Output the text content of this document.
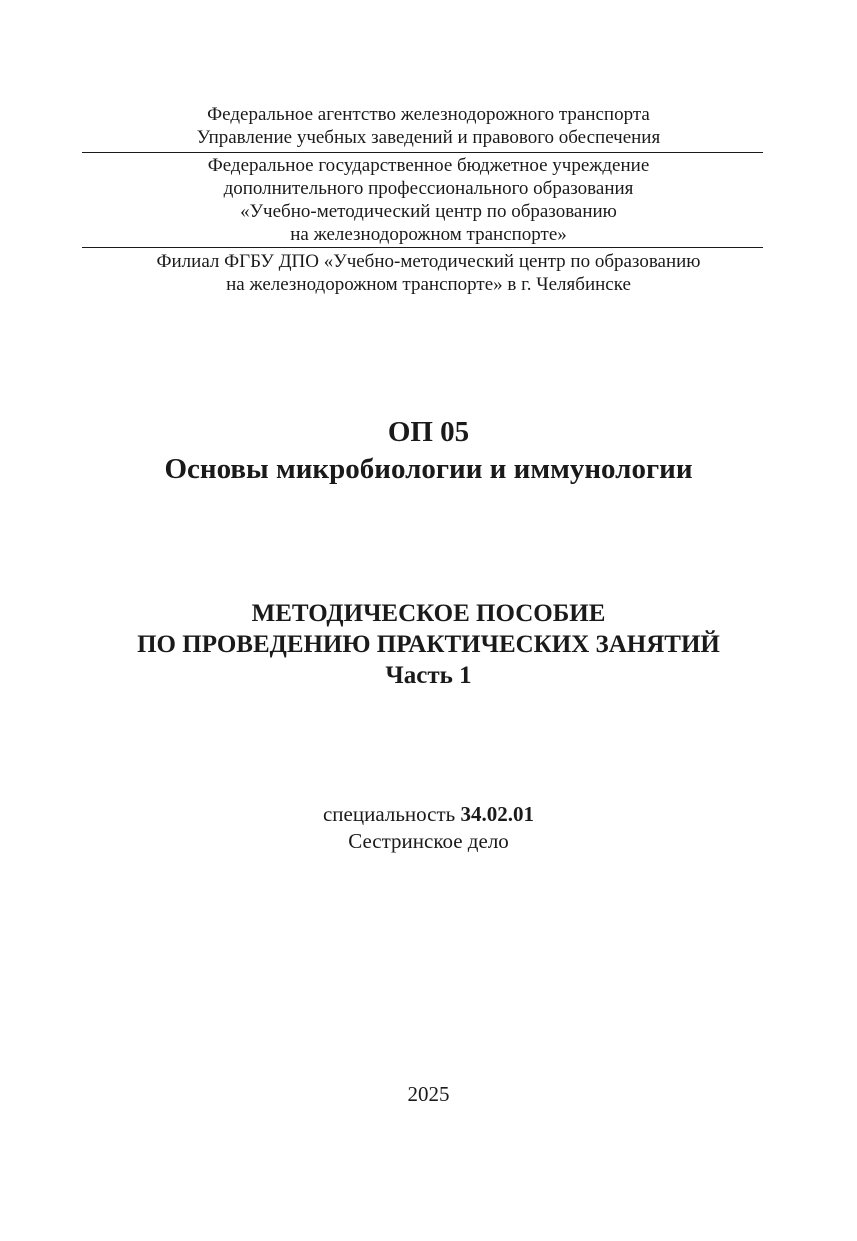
Федеральное агентство железнодорожного транспорта
Управление учебных заведений и правового обеспечения
Федеральное государственное бюджетное учреждение
дополнительного профессионального образования
«Учебно-методический центр по образованию
на железнодорожном транспорте»
Филиал ФГБУ ДПО «Учебно-методический центр по образованию
на железнодорожном транспорте» в г. Челябинске
ОП 05
Основы микробиологии и иммунологии
МЕТОДИЧЕСКОЕ ПОСОБИЕ
ПО ПРОВЕДЕНИЮ ПРАКТИЧЕСКИХ ЗАНЯТИЙ
Часть 1
специальность 34.02.01
Сестринское дело
2025
